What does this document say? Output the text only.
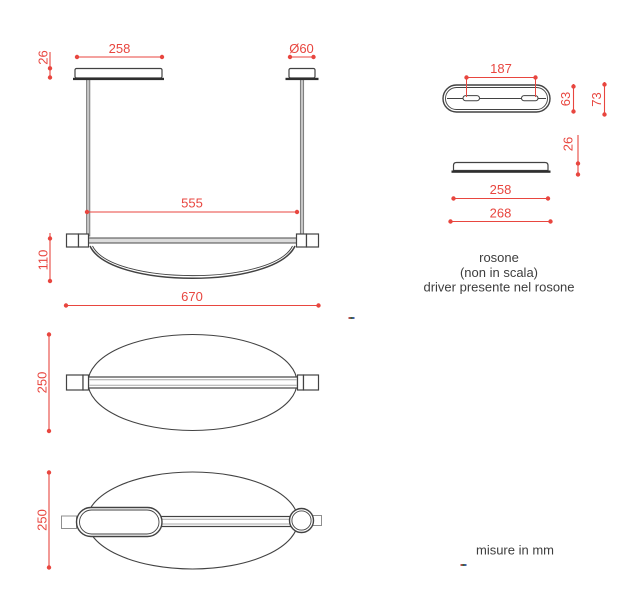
258	Ø60
26
555
110
670
250
250
187
63 73
26
258
268
rosone
(non in scala)
driver presente nel rosone
misure in mm
